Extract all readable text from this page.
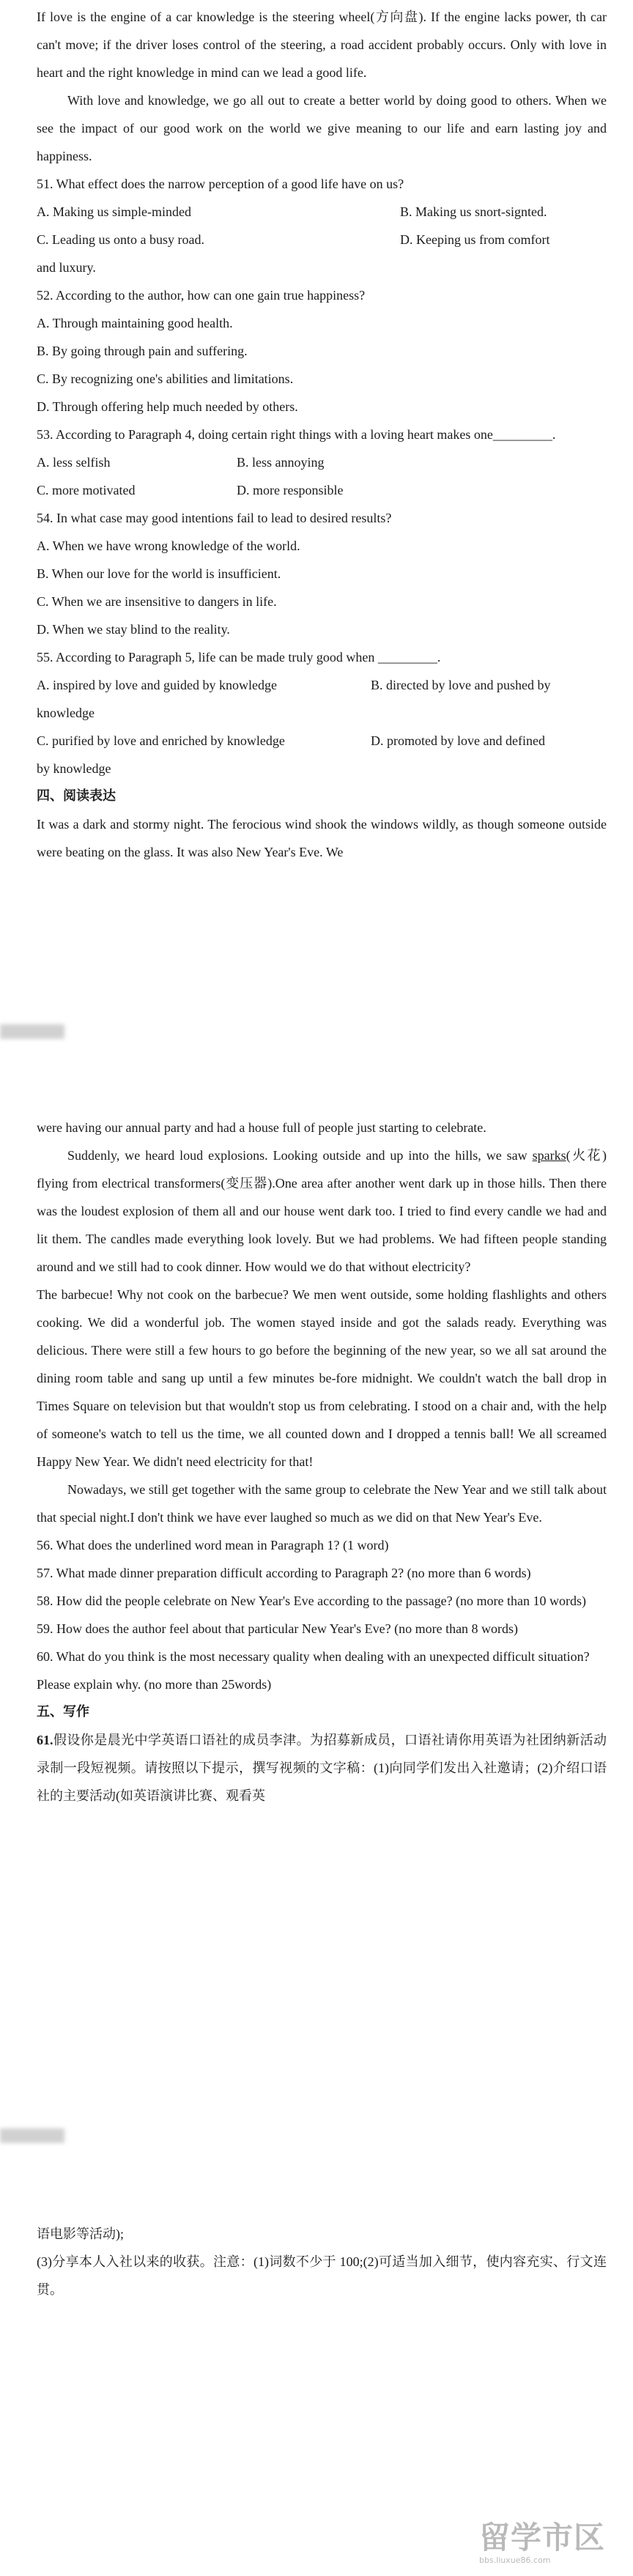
If love is the engine of a car knowledge is the steering wheel(方向盘). If the engine lacks power, th car can't move; if the driver loses control of the steering, a road accident probably occurs. Only with love in heart and the right knowledge in mind can we lead a good life.

With love and knowledge, we go all out to create a better world by doing good to others. When we see the impact of our good work on the world we give meaning to our life and earn lasting joy and happiness.

51. What effect does the narrow perception of a good life have on us?

A. Making us simple-minded	B. Making us snort-signted.
C. Leading us onto a busy road.	D. Keeping us from comfort

and luxury.

52. According to the author, how can one gain true happiness?

A. Through maintaining good health.

B. By going through pain and suffering.

C. By recognizing one's abilities and limitations.

D. Through offering help much needed by others.

53. According to Paragraph 4, doing certain right things with a loving heart makes one_________.

A. less selfish	B. less annoying
C. more motivated	D. more responsible

54. In what case may good intentions fail to lead to desired results?

A. When we have wrong knowledge of the world.

B. When our love for the world is insufficient.

C. When we are insensitive to dangers in life.

D. When we stay blind to the reality.

55. According to Paragraph 5, life can be made truly good when _________.

A. inspired by love and guided by knowledge	B. directed by love and pushed by

knowledge

C. purified by love and enriched by knowledge	D. promoted by love and defined

by knowledge

四、阅读表达

It was a dark and stormy night. The ferocious wind shook the windows wildly, as though someone outside were beating on the glass. It was also New Year's Eve. We

were having our annual party and had a house full of people just starting to celebrate.

Suddenly, we heard loud explosions. Looking outside and up into the hills, we saw sparks(火花) flying from electrical transformers(变压器).One area after another went dark up in those hills. Then there was the loudest explosion of them all and our house went dark too. I tried to find every candle we had and lit them. The candles made everything look lovely. But we had problems. We had fifteen people standing around and we still had to cook dinner. How would we do that without electricity?

The barbecue! Why not cook on the barbecue? We men went outside, some holding flashlights and others cooking. We did a wonderful job. The women stayed inside and got the salads ready. Everything was delicious. There were still a few hours to go before the beginning of the new year, so we all sat around the dining room table and sang up until a few minutes be-fore midnight. We couldn't watch the ball drop in Times Square on television but that wouldn't stop us from celebrating. I stood on a chair and, with the help of someone's watch to tell us the time, we all counted down and I dropped a tennis ball! We all screamed Happy New Year. We didn't need electricity for that!

Nowadays, we still get together with the same group to celebrate the New Year and we still talk about that special night.I don't think we have ever laughed so much as we did on that New Year's Eve.

56. What does the underlined word mean in Paragraph 1? (1 word)

57. What made dinner preparation difficult according to Paragraph 2? (no more than 6 words)

58. How did the people celebrate on New Year's Eve according to the passage? (no more than 10 words)

59. How does the author feel about that particular New Year's Eve? (no more than 8 words)

60. What do you think is the most necessary quality when dealing with an unexpected difficult situation?

Please explain why. (no more than 25words)

五、写作

61.假设你是晨光中学英语口语社的成员李津。为招募新成员，口语社请你用英语为社团纳新活动录制一段短视频。请按照以下提示，撰写视频的文字稿：(1)向同学们发出入社邀请；(2)介绍口语社的主要活动(如英语演讲比赛、观看英

语电影等活动);

(3)分享本人入社以来的收获。注意：(1)词数不少于 100;(2)可适当加入细节，使内容充实、行文连贯。

留学市区
bbs.liuxue86.com
